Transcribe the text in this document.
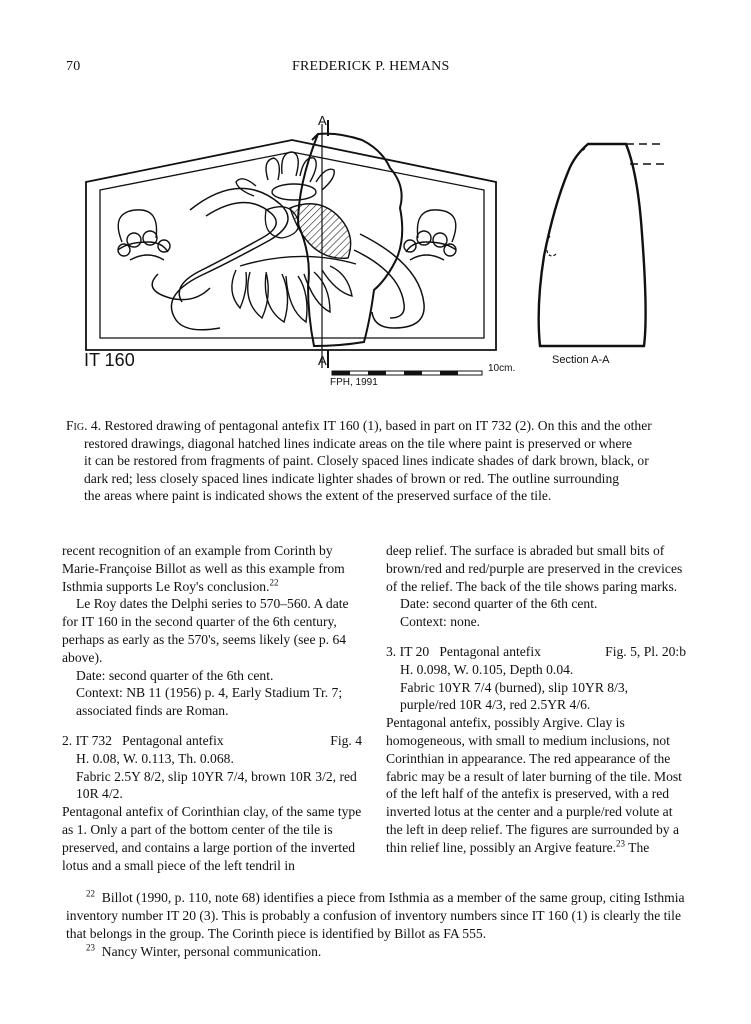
70	FREDERICK P. HEMANS
A
A
IT 160	10cm.
FPH, 1991
Section A-A
Fig. 4. Restored drawing of pentagonal antefix IT 160 (1), based in part on IT 732 (2). On this and the other
restored drawings, diagonal hatched lines indicate areas on the tile where paint is preserved or where
it can be restored from fragments of paint. Closely spaced lines indicate shades of dark brown, black, or
dark red; less closely spaced lines indicate lighter shades of brown or red. The outline surrounding
the areas where paint is indicated shows the extent of the preserved surface of the tile.

recent recognition of an example from Corinth by Marie-Françoise Billot as well as this example from Isthmia supports Le Roy's conclusion.$^{22}$

Le Roy dates the Delphi series to 570–560. A date for IT 160 in the second quarter of the 6th century, perhaps as early as the 570's, seems likely (see p. 64 above).

Date: second quarter of the 6th cent.

Context: NB 11 (1956) p. 4, Early Stadium Tr. 7; associated finds are Roman.

2. IT 732   Pentagonal antefix	Fig. 4

H. 0.08, W. 0.113, Th. 0.068.

Fabric 2.5Y 8/2, slip 10YR 7/4, brown 10R 3/2, red 10R 4/2.

Pentagonal antefix of Corinthian clay, of the same type as 1. Only a part of the bottom center of the tile is preserved, and contains a large portion of the inverted lotus and a small piece of the left tendril in

deep relief. The surface is abraded but small bits of brown/red and red/purple are preserved in the crevices of the relief. The back of the tile shows paring marks.

Date: second quarter of the 6th cent.

Context: none.

3. IT 20   Pentagonal antefix	Fig. 5, Pl. 20:b

H. 0.098, W. 0.105, Depth 0.04.

Fabric 10YR 7/4 (burned), slip 10YR 8/3, purple/red 10R 4/3, red 2.5YR 4/6.

Pentagonal antefix, possibly Argive. Clay is homogeneous, with small to medium inclusions, not Corinthian in appearance. The red appearance of the fabric may be a result of later burning of the tile. Most of the left half of the antefix is preserved, with a red inverted lotus at the center and a purple/red volute at the left in deep relief. The figures are surrounded by a thin relief line, possibly an Argive feature.$^{23}$ The

$^{22}$ Billot (1990, p. 110, note 68) identifies a piece from Isthmia as a member of the same group, citing Isthmia inventory number IT 20 (3). This is probably a confusion of inventory numbers since IT 160 (1) is clearly the tile that belongs in the group. The Corinth piece is identified by Billot as FA 555.
$^{23}$ Nancy Winter, personal communication.
